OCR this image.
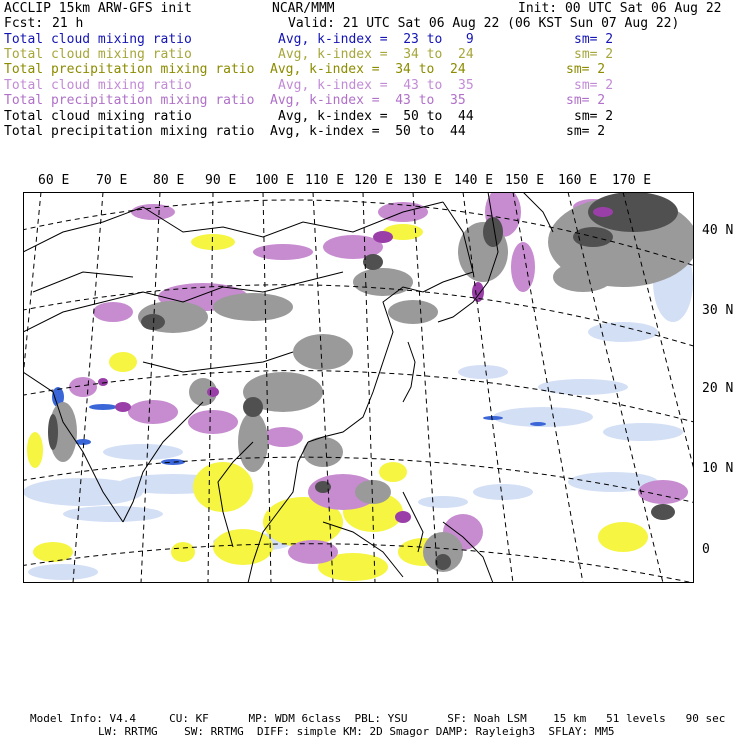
ACCLIP 15km ARW-GFS init	NCAR/MMM	Init: 00 UTC Sat 06 Aug 22
Fcst: 21 h	Valid: 21 UTC Sat 06 Aug 22 (06 KST Sun 07 Aug 22)
Total cloud mixing ratio	Avg, k-index =  23 to   9	sm= 2
Total cloud mixing ratio	Avg, k-index =  34 to  24	sm= 2
Total precipitation mixing ratio Avg, k-index =  34 to  24	sm= 2
Total cloud mixing ratio	Avg, k-index =  43 to  35	sm= 2
Total precipitation mixing ratio Avg, k-index =  43 to  35	sm= 2
Total cloud mixing ratio	Avg, k-index =  50 to  44	sm= 2
Total precipitation mixing ratio Avg, k-index =  50 to  44	sm= 2
60 E 70 E 80 E 90 E 100 E 110 E 120 E 130 E 140 E 150 E 160 E 170 E
40 N
30 N
20 N
10 N
0
Model Info: V4.4     CU: KF      MP: WDM 6class  PBL: YSU      SF: Noah LSM    15 km   51 levels   90 sec
LW: RRTMG    SW: RRTMG  DIFF: simple KM: 2D Smagor DAMP: Rayleigh3  SFLAY: MM5
